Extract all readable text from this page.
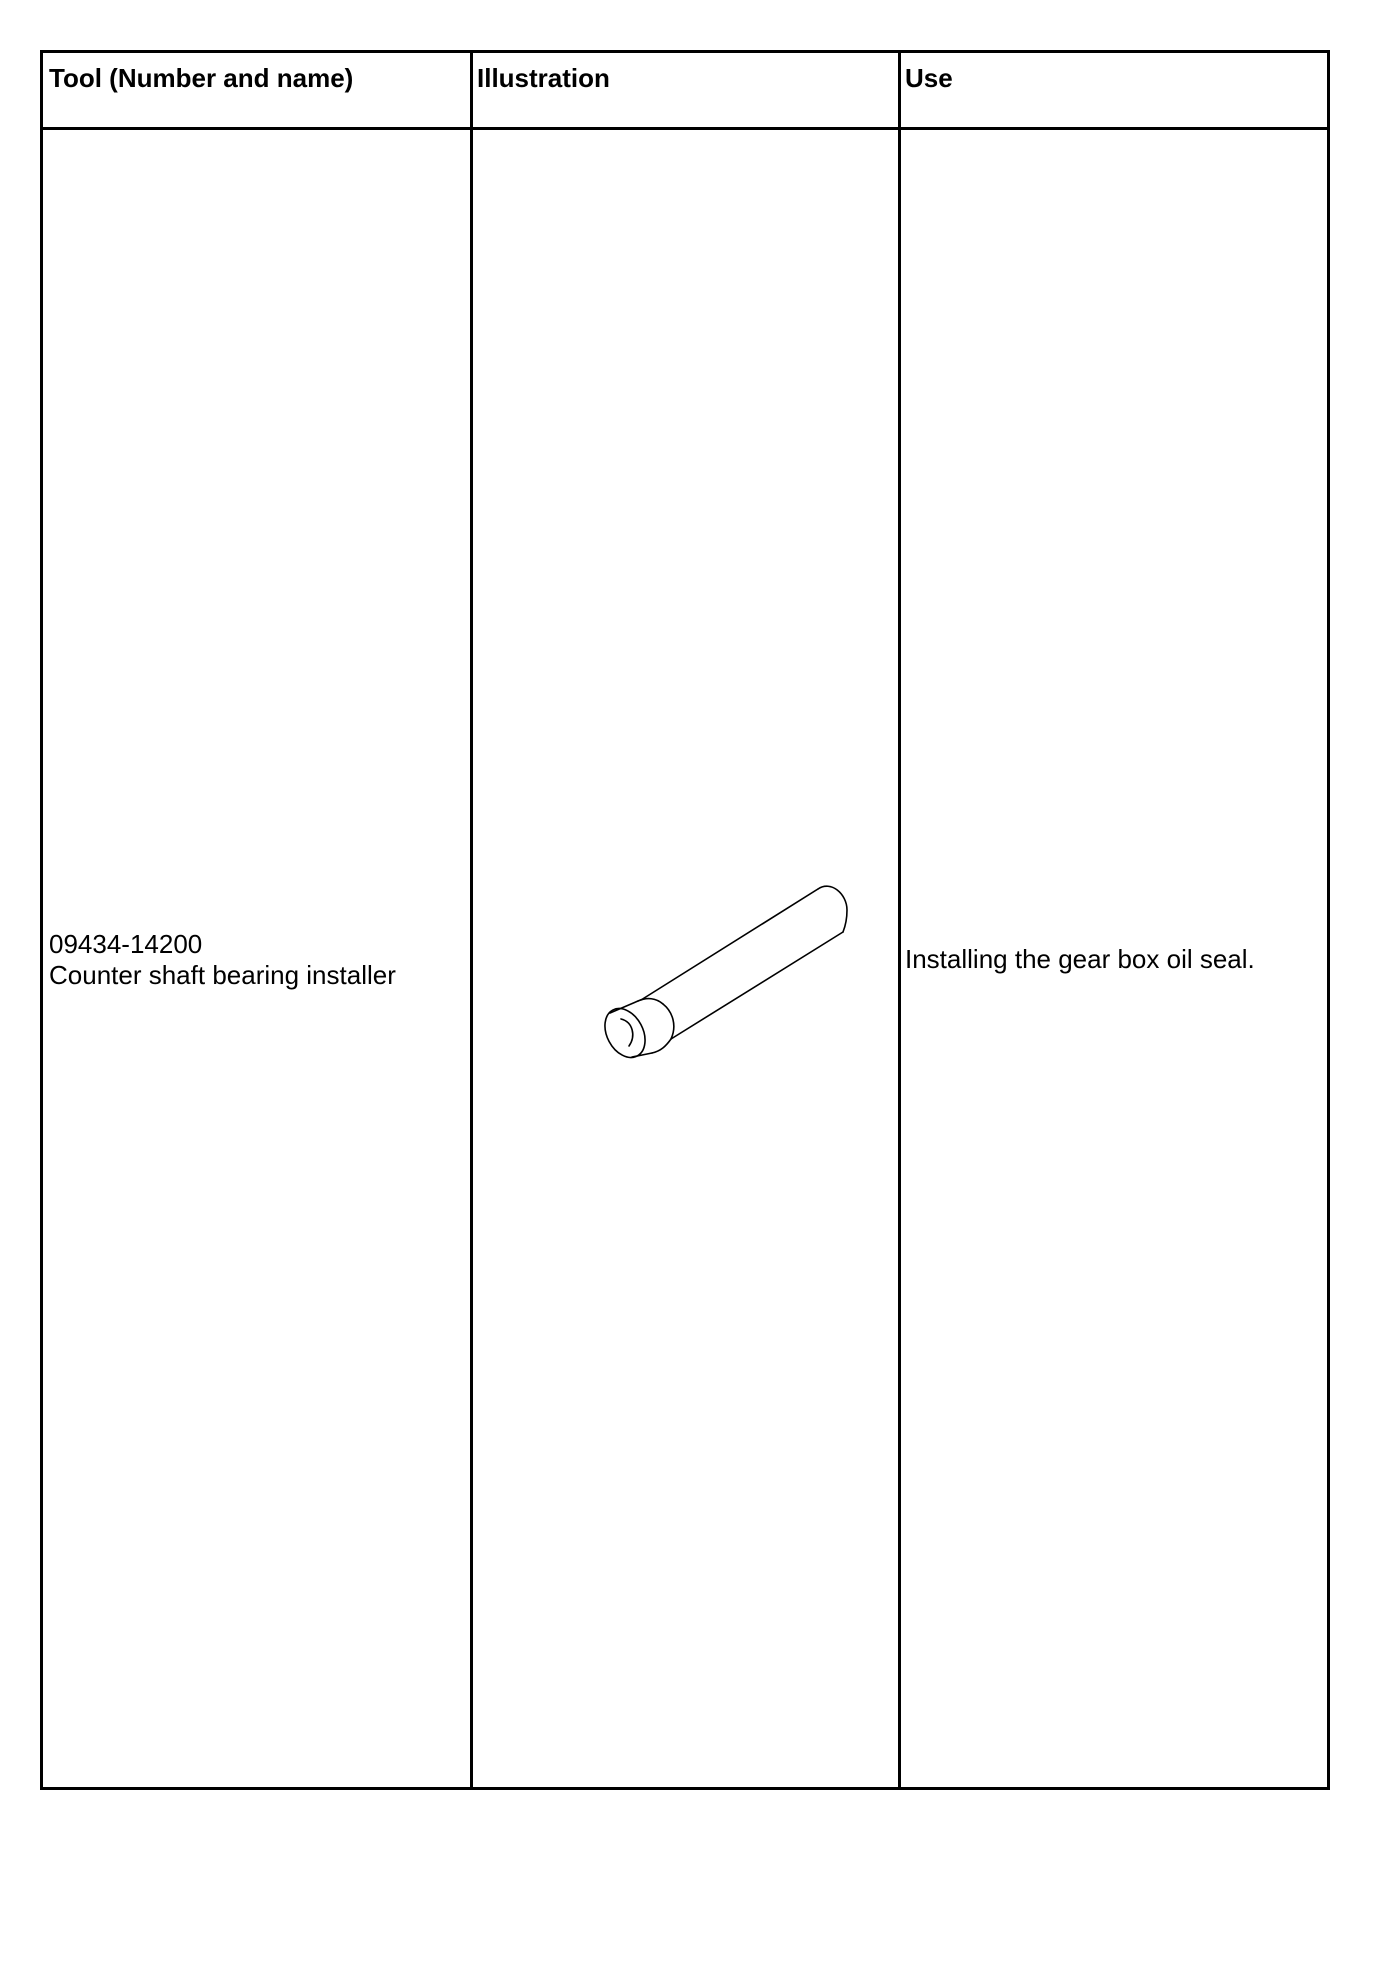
Tool (Number and name)	Illustration	Use
09434-14200
Counter shaft bearing installer
Installing the gear box oil seal.
